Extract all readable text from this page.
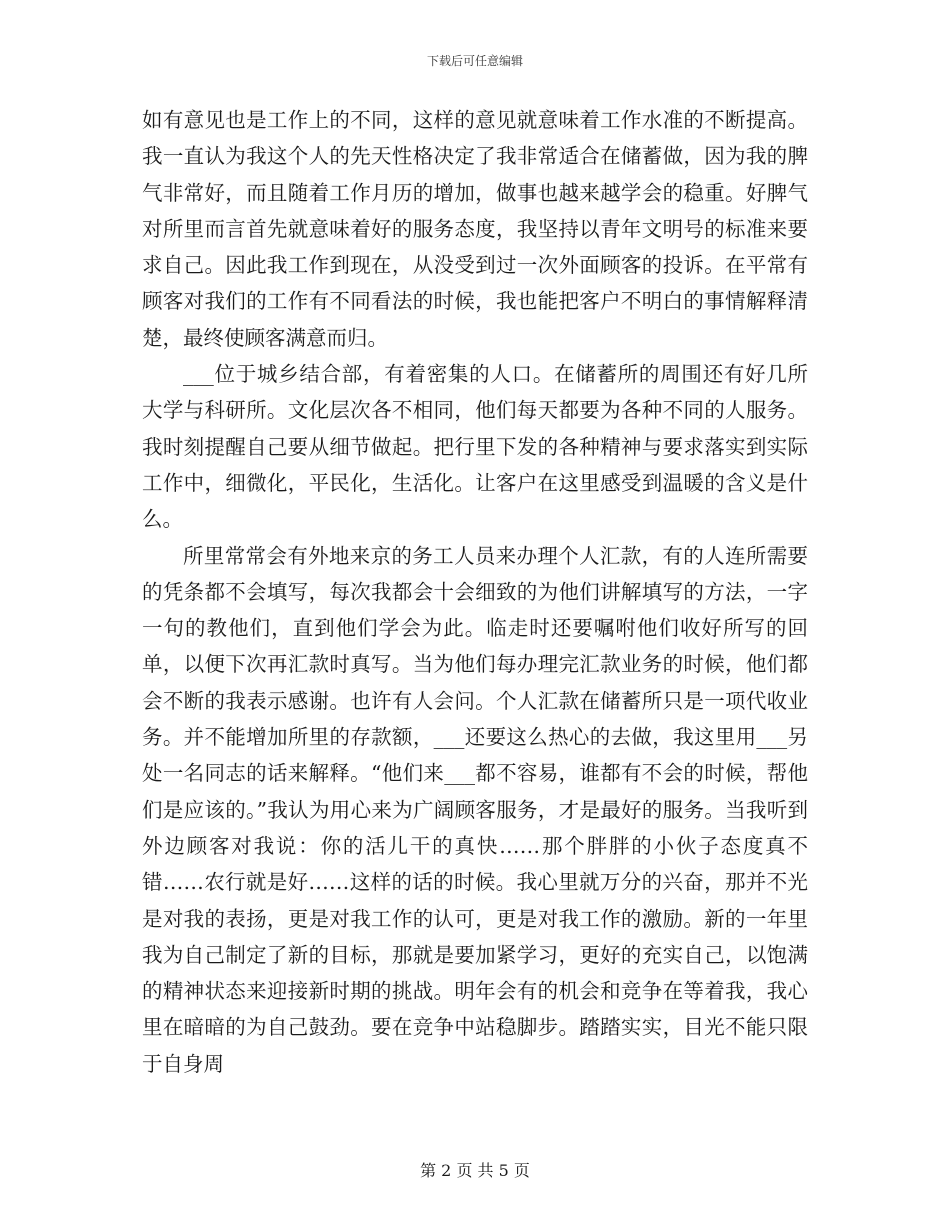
下载后可任意编辑

如有意见也是工作上的不同，这样的意见就意味着工作水准的不断提高。我一直认为我这个人的先天性格决定了我非常适合在储蓄做，因为我的脾气非常好，而且随着工作月历的增加，做事也越来越学会的稳重。好脾气对所里而言首先就意味着好的服务态度，我坚持以青年文明号的标准来要求自己。因此我工作到现在，从没受到过一次外面顾客的投诉。在平常有顾客对我们的工作有不同看法的时候，我也能把客户不明白的事情解释清楚，最终使顾客满意而归。

___位于城乡结合部，有着密集的人口。在储蓄所的周围还有好几所大学与科研所。文化层次各不相同，他们每天都要为各种不同的人服务。我时刻提醒自己要从细节做起。把行里下发的各种精神与要求落实到实际工作中，细微化，平民化，生活化。让客户在这里感受到温暖的含义是什么。

所里常常会有外地来京的务工人员来办理个人汇款，有的人连所需要的凭条都不会填写，每次我都会十会细致的为他们讲解填写的方法，一字一句的教他们，直到他们学会为此。临走时还要嘱咐他们收好所写的回单，以便下次再汇款时真写。当为他们每办理完汇款业务的时候，他们都会不断的我表示感谢。也许有人会问。个人汇款在储蓄所只是一项代收业务。并不能增加所里的存款额，___还要这么热心的去做，我这里用___另处一名同志的话来解释。“他们来___都不容易，谁都有不会的时候，帮他们是应该的。”我认为用心来为广阔顾客服务，才是最好的服务。当我听到外边顾客对我说：你的活儿干的真快……那个胖胖的小伙子态度真不错……农行就是好……这样的话的时候。我心里就万分的兴奋，那并不光是对我的表扬，更是对我工作的认可，更是对我工作的激励。新的一年里我为自己制定了新的目标，那就是要加紧学习，更好的充实自己，以饱满的精神状态来迎接新时期的挑战。明年会有的机会和竞争在等着我，我心里在暗暗的为自己鼓劲。要在竞争中站稳脚步。踏踏实实，目光不能只限于自身周

第 2 页 共 5 页
